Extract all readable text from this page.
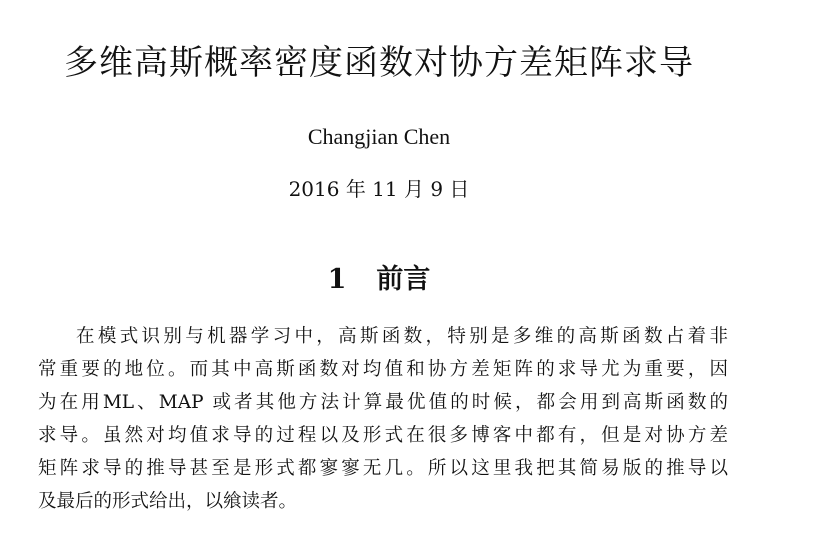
多维高斯概率密度函数对协方差矩阵求导
Changjian Chen
2016 年 11 月 9 日
1 前言
在模式识别与机器学习中，高斯函数，特别是多维的高斯函数占着非
常重要的地位。而其中高斯函数对均值和协方差矩阵的求导尤为重要，因
为在用ML、MAP 或者其他方法计算最优值的时候，都会用到高斯函数的
求导。虽然对均值求导的过程以及形式在很多博客中都有，但是对协方差
矩阵求导的推导甚至是形式都寥寥无几。所以这里我把其简易版的推导以
及最后的形式给出，以飨读者。
